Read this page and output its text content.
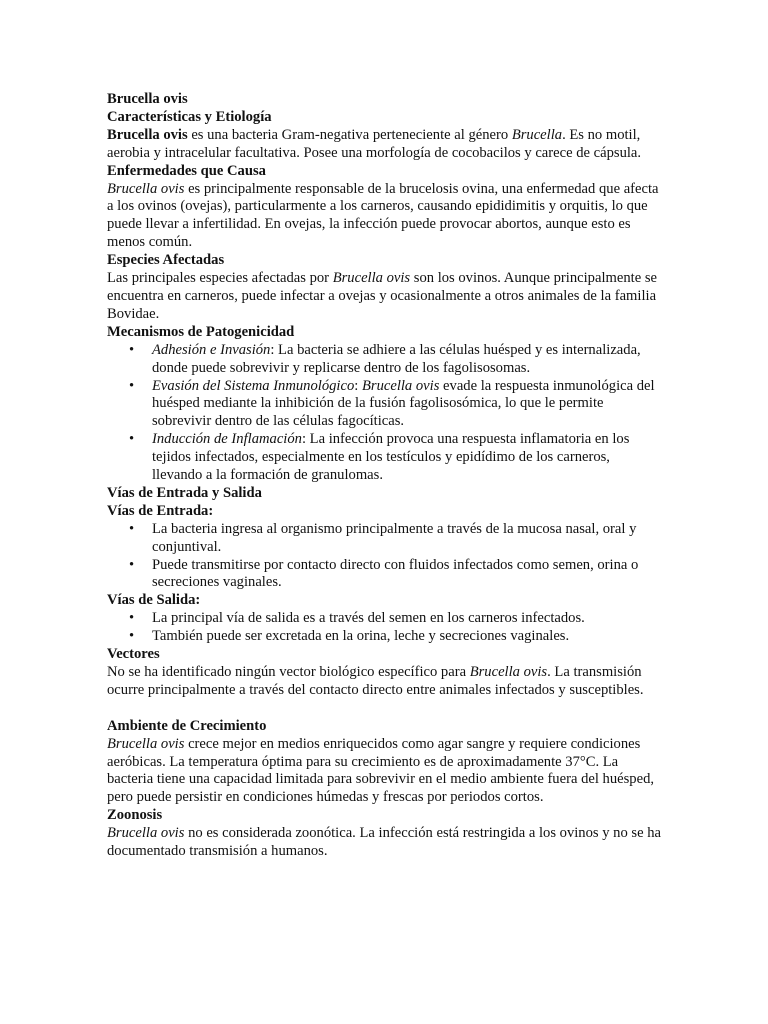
Brucella ovis
Características y Etiología

Brucella ovis es una bacteria Gram-negativa perteneciente al género Brucella. Es no motil, aerobia y intracelular facultativa. Posee una morfología de cocobacilos y carece de cápsula.

Enfermedades que Causa

Brucella ovis es principalmente responsable de la brucelosis ovina, una enfermedad que afecta a los ovinos (ovejas), particularmente a los carneros, causando epididimitis y orquitis, lo que puede llevar a infertilidad. En ovejas, la infección puede provocar abortos, aunque esto es menos común.

Especies Afectadas

Las principales especies afectadas por Brucella ovis son los ovinos. Aunque principalmente se encuentra en carneros, puede infectar a ovejas y ocasionalmente a otros animales de la familia Bovidae.

Mecanismos de Patogenicidad
• Adhesión e Invasión: La bacteria se adhiere a las células huésped y es internalizada, donde puede sobrevivir y replicarse dentro de los fagolisosomas.
• Evasión del Sistema Inmunológico: Brucella ovis evade la respuesta inmunológica del huésped mediante la inhibición de la fusión fagolisosómica, lo que le permite sobrevivir dentro de las células fagocíticas.
• Inducción de Inflamación: La infección provoca una respuesta inflamatoria en los tejidos infectados, especialmente en los testículos y epidídimo de los carneros, llevando a la formación de granulomas.
Vías de Entrada y Salida
Vías de Entrada:
• La bacteria ingresa al organismo principalmente a través de la mucosa nasal, oral y conjuntival.
• Puede transmitirse por contacto directo con fluidos infectados como semen, orina o secreciones vaginales.
Vías de Salida:
• La principal vía de salida es a través del semen en los carneros infectados.
• También puede ser excretada en la orina, leche y secreciones vaginales.
Vectores

No se ha identificado ningún vector biológico específico para Brucella ovis. La transmisión ocurre principalmente a través del contacto directo entre animales infectados y susceptibles.

Ambiente de Crecimiento

Brucella ovis crece mejor en medios enriquecidos como agar sangre y requiere condiciones aeróbicas. La temperatura óptima para su crecimiento es de aproximadamente 37°C. La bacteria tiene una capacidad limitada para sobrevivir en el medio ambiente fuera del huésped, pero puede persistir en condiciones húmedas y frescas por periodos cortos.

Zoonosis

Brucella ovis no es considerada zoonótica. La infección está restringida a los ovinos y no se ha documentado transmisión a humanos.
